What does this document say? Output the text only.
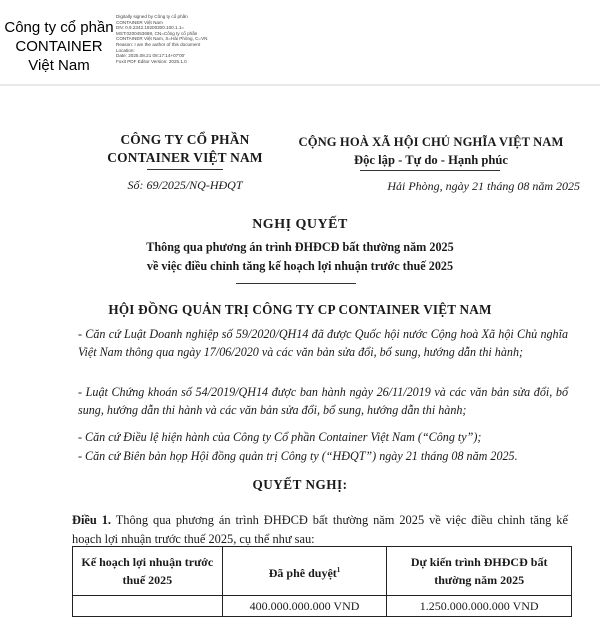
Công ty cổ phần
CONTAINER
Việt Nam
Digitally signed by Công ty cổ phần
CONTAINER Việt Nam
DN: 0.9.2342.19200300.100.1.1=
MST:0200453688, CN=Công ty cổ phần
CONTAINER Việt Nam, S=Hải Phòng, C=VN
Reason: I am the author of this document
Location:
Date: 2025.08.21 08:17:14+07'00'
Foxit PDF Editor Version: 2025.1.0
CÔNG TY CỔ PHẦN
CONTAINER VIỆT NAM
Số: 69/2025/NQ-HĐQT
CỘNG HOÀ XÃ HỘI CHỦ NGHĨA VIỆT NAM
Độc lập - Tự do - Hạnh phúc
Hải Phòng, ngày 21 tháng 08 năm 2025
NGHỊ QUYẾT
Thông qua phương án trình ĐHĐCĐ bất thường năm 2025
về việc điều chỉnh tăng kế hoạch lợi nhuận trước thuế 2025
HỘI ĐỒNG QUẢN TRỊ CÔNG TY CP CONTAINER VIỆT NAM
- Căn cứ Luật Doanh nghiệp số 59/2020/QH14 đã được Quốc hội nước Cộng hoà Xã hội Chủ nghĩa Việt Nam thông qua ngày 17/06/2020 và các văn bản sửa đổi, bổ sung, hướng dẫn thi hành;
- Luật Chứng khoán số 54/2019/QH14 được ban hành ngày 26/11/2019 và các văn bản sửa đổi, bổ sung, hướng dẫn thi hành và các văn bản sửa đổi, bổ sung, hướng dẫn thi hành;
- Căn cứ Điều lệ hiện hành của Công ty Cổ phần Container Việt Nam (“Công ty”);
- Căn cứ Biên bản họp Hội đồng quản trị Công ty (“HĐQT”) ngày 21 tháng 08 năm 2025.
QUYẾT NGHỊ:
Điều 1. Thông qua phương án trình ĐHĐCĐ bất thường năm 2025 về việc điều chỉnh tăng kế hoạch lợi nhuận trước thuế 2025, cụ thể như sau:
Kế hoạch lợi nhuận trước thuế 2025	Đã phê duyệt$^1$	Dự kiến trình ĐHĐCĐ bất thường năm 2025
	400.000.000.000 VND	1.250.000.000.000 VND
